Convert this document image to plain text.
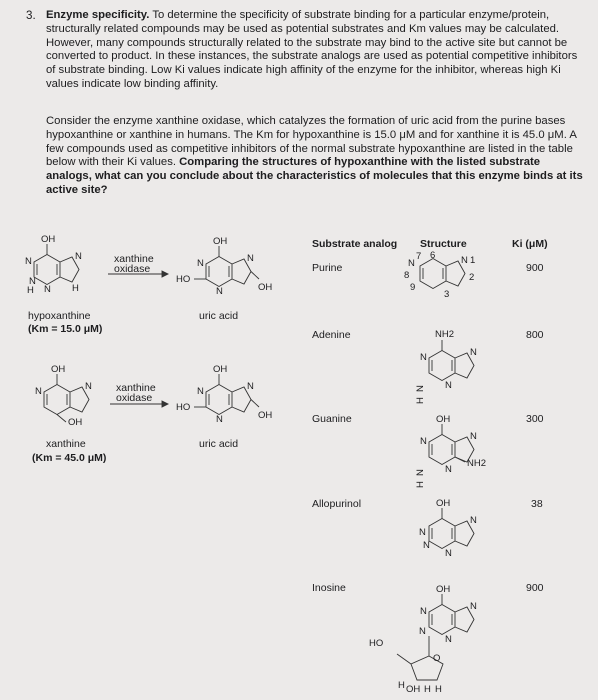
3. Enzyme specificity. To determine the specificity of substrate binding for a particular enzyme/protein, structurally related compounds may be used as potential substrates and Km values may be calculated. However, many compounds structurally related to the substrate may bind to the active site but cannot be converted to product. In these instances, the substrate analogs are used as potential competitive inhibitors of substrate binding. Low Ki values indicate high affinity of the enzyme for the inhibitor, whereas high Ki values indicate low binding affinity.

Consider the enzyme xanthine oxidase, which catalyzes the formation of uric acid from the purine bases hypoxanthine or xanthine in humans. The Km for hypoxanthine is 15.0 μM and for xanthine it is 45.0 μM. A few compounds used as competitive inhibitors of the normal substrate hypoxanthine are listed in the table below with their Ki values. Comparing the structures of hypoxanthine with the listed substrate analogs, what can you conclude about the characteristics of molecules that this enzyme binds at its active site?

hypoxanthine
(Km = 15.0 μM)
xanthine
oxidase
uric acid
xanthine
(Km = 45.0 μM)
xanthine
oxidase
uric acid
Substrate analog Structure	Ki (μM)
Purine	900
Adenine	800
Guanine	300
Allopurinol	38
Inosine	900
OH
N
N
H N
N
H
OH
HO
N
N
N
OH
OH
N	N
OH
OH
HO
N
N
N
OH
N
6
7
8
9
N 1
2
3
NH2
N	N
N
H
N
OH
N	N
N
H
N
NH2
OH
N
N
N
N
OH
N	N
N
N
O
HO
H OH H H
